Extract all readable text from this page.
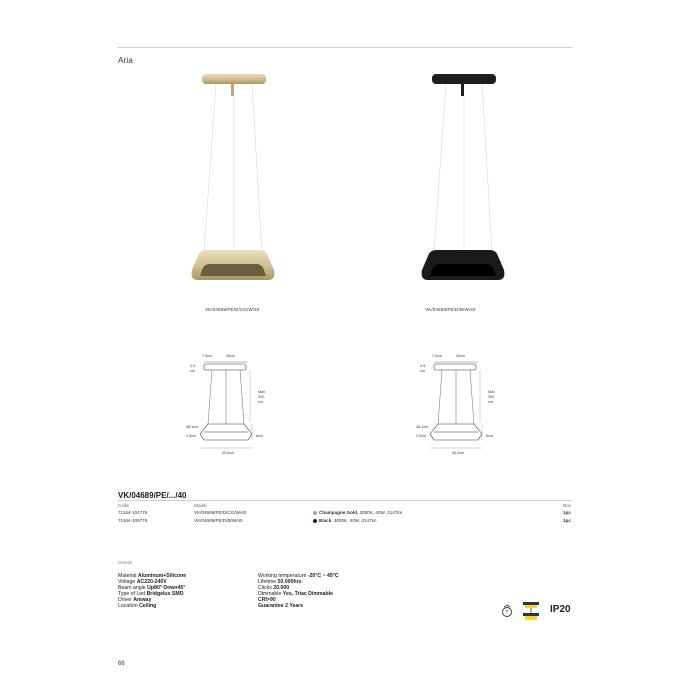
Aria
VK/04689/PE/D/CG/W/40	VK/04689/PE/D/B/W/40
7.5cm	34cm
4.5
cm
Max
300
cm
38.1cm
2.5cm	6cm
40.0cm
7.5cm	34cm
4.5
cm
Max
300
cm
38.1cm
2.5cm	6cm
40.0cm
VK/04689/PE/.../40
Code	Model	Box
71164-104776	VK/04689/PE/D/CG/W/40	Champagne Gold, 3000K, 40W, 3147lm	1pc
71164-105776	VK/04689/PE/D/B/W/40	Black, 3000K, 40W, 3147lm	1pc
Details
Material Aluminum+Silicone
Voltage AC220-240V
Beam angle Up80° Down45°
Type of Led Bridgelux SMD
Driver Amway
Location Ceiling
Working temperature -20°C ~ 45°C
Lifetime 50.000hrs
Clicks 20.000
Dimmable Yes, Triac Dimmable
CRI>90
Guarantee 2 Years	IP20
66
